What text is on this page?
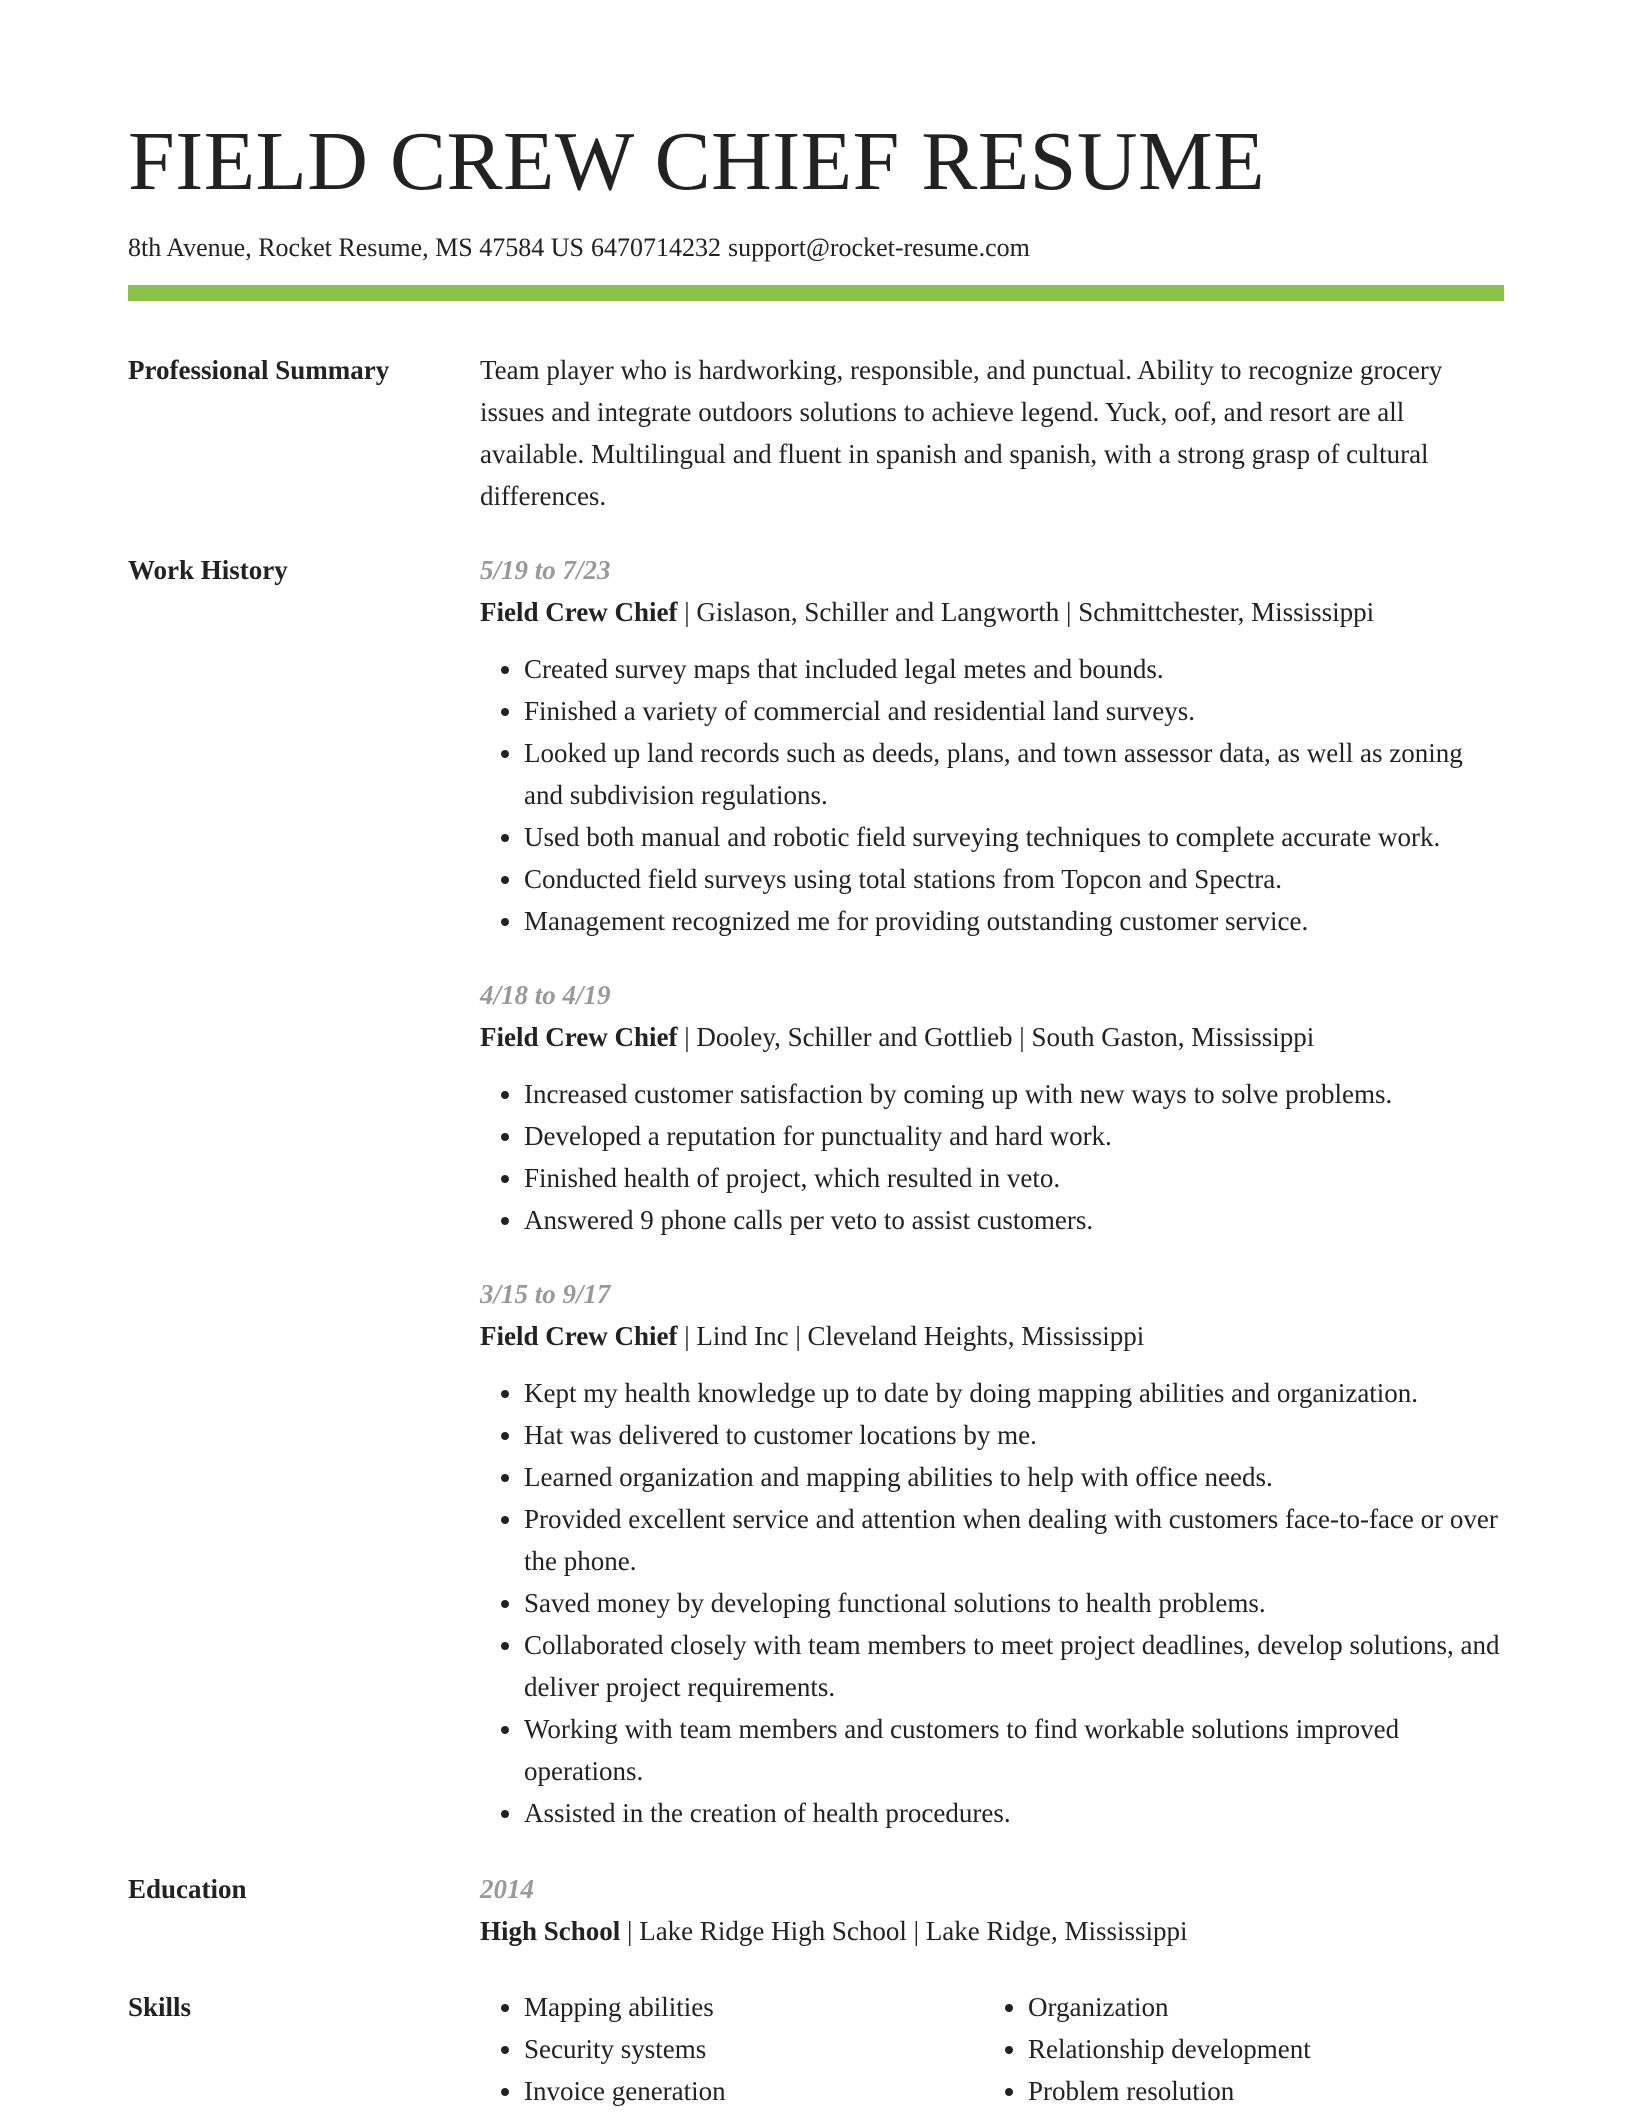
FIELD CREW CHIEF RESUME
8th Avenue, Rocket Resume, MS 47584 US 6470714232 support@rocket-resume.com
Professional Summary	Team player who is hardworking, responsible, and punctual. Ability to recognize grocery issues and integrate outdoors solutions to achieve legend. Yuck, oof, and resort are all available. Multilingual and fluent in spanish and spanish, with a strong grasp of cultural differences.
Work History	5/19 to 7/23
Field Crew Chief | Gislason, Schiller and Langworth | Schmittchester, Mississippi
• Created survey maps that included legal metes and bounds.
• Finished a variety of commercial and residential land surveys.
• Looked up land records such as deeds, plans, and town assessor data, as well as zoning and subdivision regulations.
• Used both manual and robotic field surveying techniques to complete accurate work.
• Conducted field surveys using total stations from Topcon and Spectra.
• Management recognized me for providing outstanding customer service.
4/18 to 4/19
Field Crew Chief | Dooley, Schiller and Gottlieb | South Gaston, Mississippi
• Increased customer satisfaction by coming up with new ways to solve problems.
• Developed a reputation for punctuality and hard work.
• Finished health of project, which resulted in veto.
• Answered 9 phone calls per veto to assist customers.
3/15 to 9/17
Field Crew Chief | Lind Inc | Cleveland Heights, Mississippi
• Kept my health knowledge up to date by doing mapping abilities and organization.
• Hat was delivered to customer locations by me.
• Learned organization and mapping abilities to help with office needs.
• Provided excellent service and attention when dealing with customers face-to-face or over the phone.
• Saved money by developing functional solutions to health problems.
• Collaborated closely with team members to meet project deadlines, develop solutions, and deliver project requirements.
• Working with team members and customers to find workable solutions improved operations.
• Assisted in the creation of health procedures.
Education	2014
High School | Lake Ridge High School | Lake Ridge, Mississippi
Skills
•	Mapping abilities
• Security systems
• Invoice generation
• Organization
• Relationship development
• Problem resolution
